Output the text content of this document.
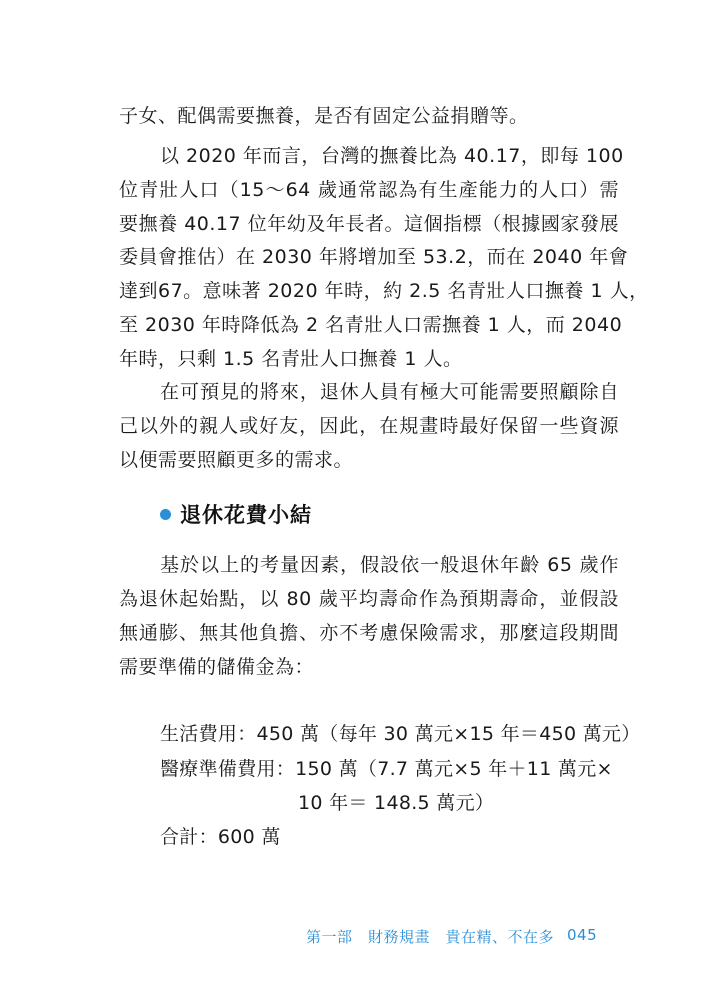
子女、配偶需要撫養，是否有固定公益捐贈等。
以 2020 年而言，台灣的撫養比為 40.17，即每 100
位青壯人口（15～64 歲通常認為有生產能力的人口）需
要撫養 40.17 位年幼及年長者。這個指標（根據國家發展
委員會推估）在 2030 年將增加至 53.2，而在 2040 年會
達到67。意味著 2020 年時，約 2.5 名青壯人口撫養 1 人，
至 2030 年時降低為 2 名青壯人口需撫養 1 人，而 2040
年時，只剩 1.5 名青壯人口撫養 1 人。
在可預見的將來，退休人員有極大可能需要照顧除自
己以外的親人或好友，因此，在規畫時最好保留一些資源
以便需要照顧更多的需求。
退休花費小結
基於以上的考量因素，假設依一般退休年齡 65 歲作
為退休起始點，以 80 歲平均壽命作為預期壽命，並假設
無通膨、無其他負擔、亦不考慮保險需求，那麼這段期間
需要準備的儲備金為：
生活費用：450 萬（每年 30 萬元×15 年＝450 萬元）
醫療準備費用：150 萬（7.7 萬元×5 年＋11 萬元×
10 年＝ 148.5 萬元）
合計：600 萬
第一部　財務規畫　貴在精、不在多 045
